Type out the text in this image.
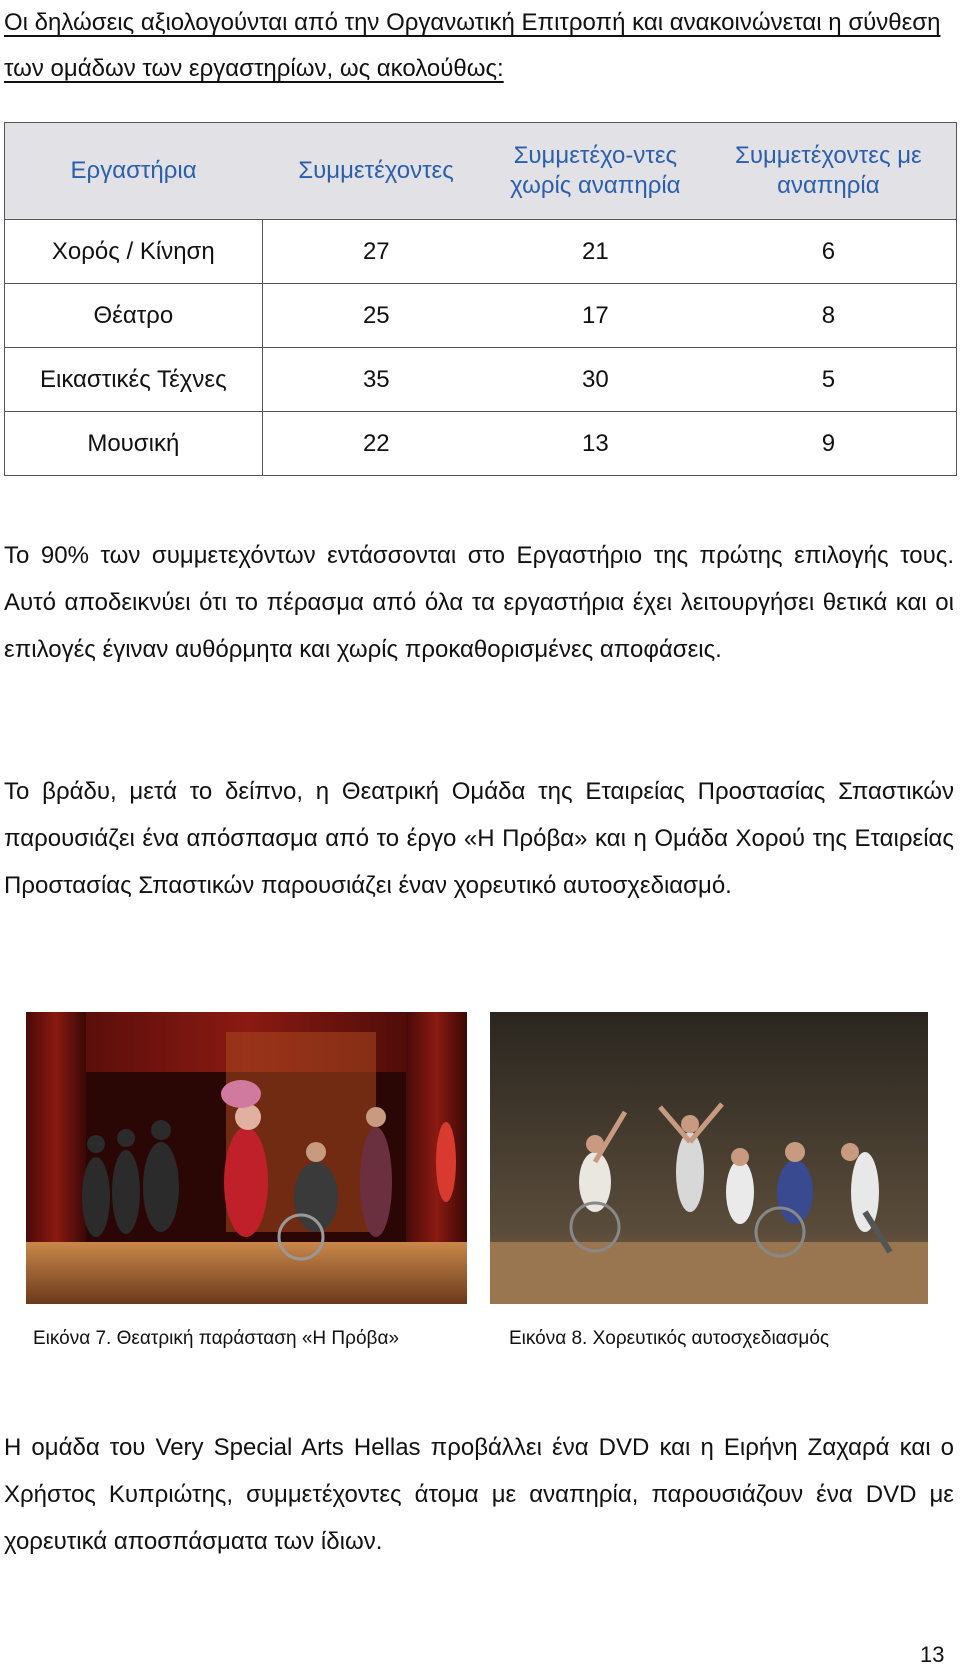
Οι δηλώσεις αξιολογούνται από την Οργανωτική Επιτροπή και ανακοινώνεται η σύνθεση των ομάδων των εργαστηρίων, ως ακολούθως:

Εργαστήρια	Συμμετέχοντες	Συμμετέχο-ντες χωρίς αναπηρία	Συμμετέχοντες με αναπηρία
Χορός / Κίνηση	27	21	6
Θέατρο	25	17	8
Εικαστικές Τέχνες	35	30	5
Μουσική	22	13	9

Το 90% των συμμετεχόντων εντάσσονται στο Εργαστήριο της πρώτης επιλογής τους. Αυτό αποδεικνύει ότι το πέρασμα από όλα τα εργαστήρια έχει λειτουργήσει θετικά και οι επιλογές έγιναν αυθόρμητα και χωρίς προκαθορισμένες αποφάσεις.

Το βράδυ, μετά το δείπνο, η Θεατρική Ομάδα της Εταιρείας Προστασίας Σπαστικών παρουσιάζει ένα απόσπασμα από το έργο «Η Πρόβα» και η Ομάδα Χορού της Εταιρείας Προστασίας Σπαστικών παρουσιάζει έναν χορευτικό αυτοσχεδιασμό.

Εικόνα 7. Θεατρική παράσταση «Η Πρόβα»	Εικόνα 8. Χορευτικός αυτοσχεδιασμός

Η ομάδα του Very Special Arts Hellas προβάλλει ένα DVD και η Ειρήνη Ζαχαρά και ο Χρήστος Κυπριώτης, συμμετέχοντες άτομα με αναπηρία, παρουσιάζουν ένα DVD με χορευτικά αποσπάσματα των ίδιων.

13
